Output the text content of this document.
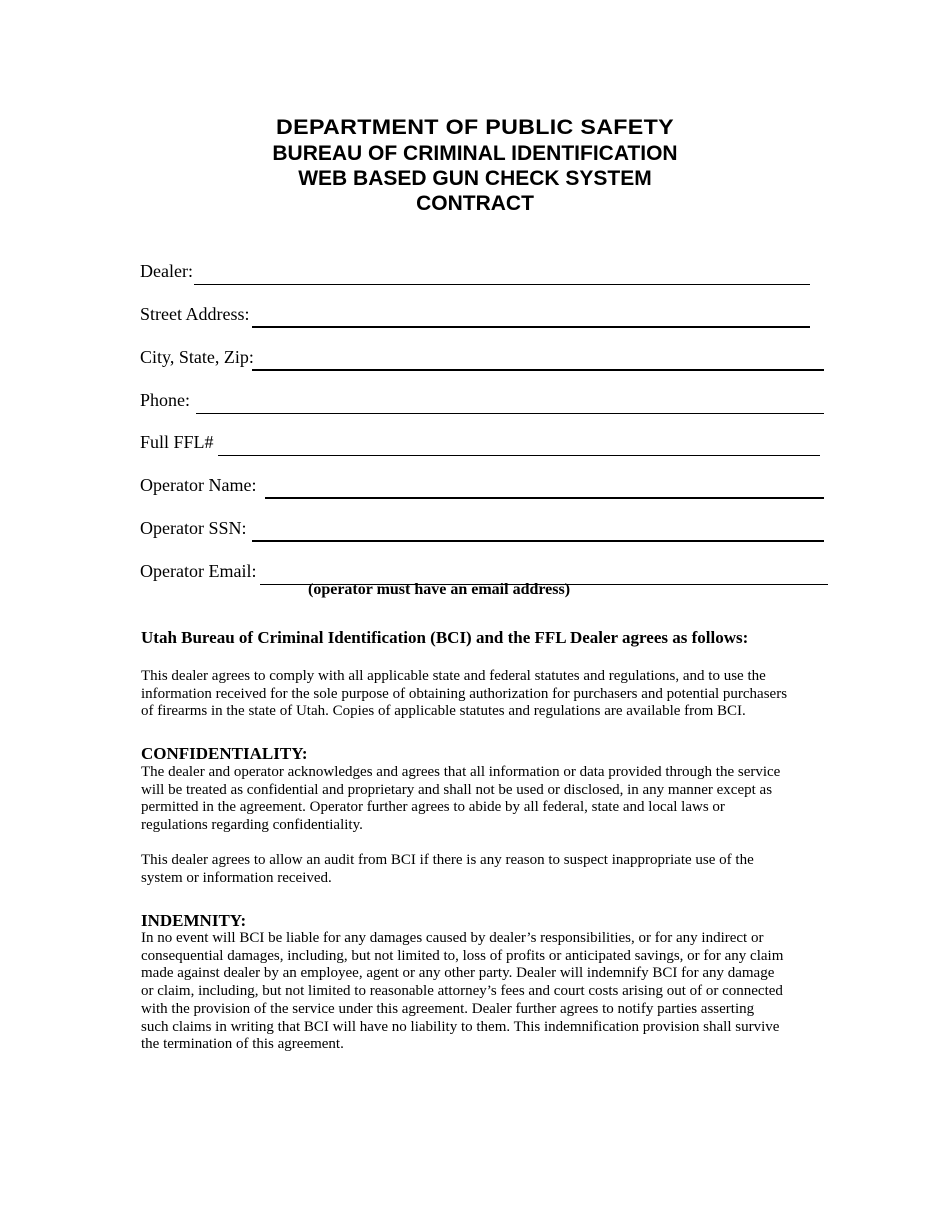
DEPARTMENT OF PUBLIC SAFETY
BUREAU OF CRIMINAL IDENTIFICATION
WEB BASED GUN CHECK SYSTEM
CONTRACT
Dealer:
Street Address:
City, State, Zip:
Phone:
Full FFL#
Operator Name:
Operator SSN:
Operator Email:
(operator must have an email address)
Utah Bureau of Criminal Identification (BCI) and the FFL Dealer agrees as follows:
This dealer agrees to comply with all applicable state and federal statutes and regulations, and to use the
information received for the sole purpose of obtaining authorization for purchasers and potential purchasers
of firearms in the state of Utah. Copies of applicable statutes and regulations are available from BCI.
CONFIDENTIALITY:
The dealer and operator acknowledges and agrees that all information or data provided through the service
will be treated as confidential and proprietary and shall not be used or disclosed, in any manner except as
permitted in the agreement. Operator further agrees to abide by all federal, state and local laws or
regulations regarding confidentiality.
This dealer agrees to allow an audit from BCI if there is any reason to suspect inappropriate use of the
system or information received.
INDEMNITY:
In no event will BCI be liable for any damages caused by dealer’s responsibilities, or for any indirect or
consequential damages, including, but not limited to, loss of profits or anticipated savings, or for any claim
made against dealer by an employee, agent or any other party. Dealer will indemnify BCI for any damage
or claim, including, but not limited to reasonable attorney’s fees and court costs arising out of or connected
with the provision of the service under this agreement. Dealer further agrees to notify parties asserting
such claims in writing that BCI will have no liability to them. This indemnification provision shall survive
the termination of this agreement.
